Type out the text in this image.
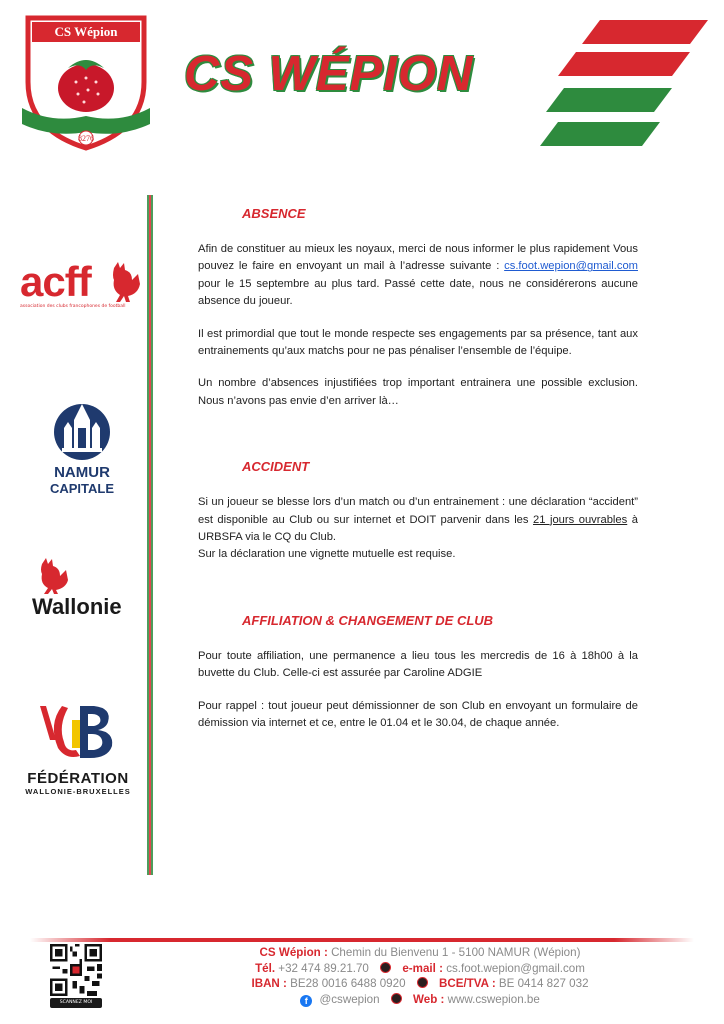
CS Wépion
8276
CS WÉPION
acff
association des clubs francophones de football
NAMUR
CAPITALE
Wallonie
FÉDÉRATION
WALLONIE-BRUXELLES
ABSENCE

Afin de constituer au mieux les noyaux, merci de nous informer le plus rapidement Vous pouvez le faire en envoyant un mail à l’adresse suivante : cs.foot.wepion@gmail.com pour le 15 septembre au plus tard. Passé cette date, nous ne considérerons aucune absence du joueur.

Il est primordial que tout le monde respecte ses engagements par sa présence, tant aux entrainements qu’aux matchs pour ne pas pénaliser l’ensemble de l’équipe.

Un nombre d’absences injustifiées trop important entrainera une possible exclusion. Nous n’avons pas envie d’en arriver là…

ACCIDENT

Si un joueur se blesse lors d’un match ou d’un entrainement : une déclaration “accident” est disponible au Club ou sur internet et DOIT parvenir dans les 21 jours ouvrables à URBSFA via le CQ du Club.
Sur la déclaration une vignette mutuelle est requise.

AFFILIATION & CHANGEMENT DE CLUB

Pour toute affiliation, une permanence a lieu tous les mercredis de 16 à 18h00 à la buvette du Club. Celle-ci est assurée par Caroline ADGIE

Pour rappel : tout joueur peut démissionner de son Club en envoyant un formulaire de démission via internet et ce, entre le 01.04 et le 30.04, de chaque année.

SCANNEZ MOI
CS Wépion : Chemin du Bienvenu 1 - 5100 NAMUR (Wépion)
Tél. +32 474 89.21.70	e-mail : cs.foot.wepion@gmail.com
IBAN : BE28 0016 6488 0920	BCE/TVA : BE 0414 827 032
f @cswepion	Web : www.cswepion.be
